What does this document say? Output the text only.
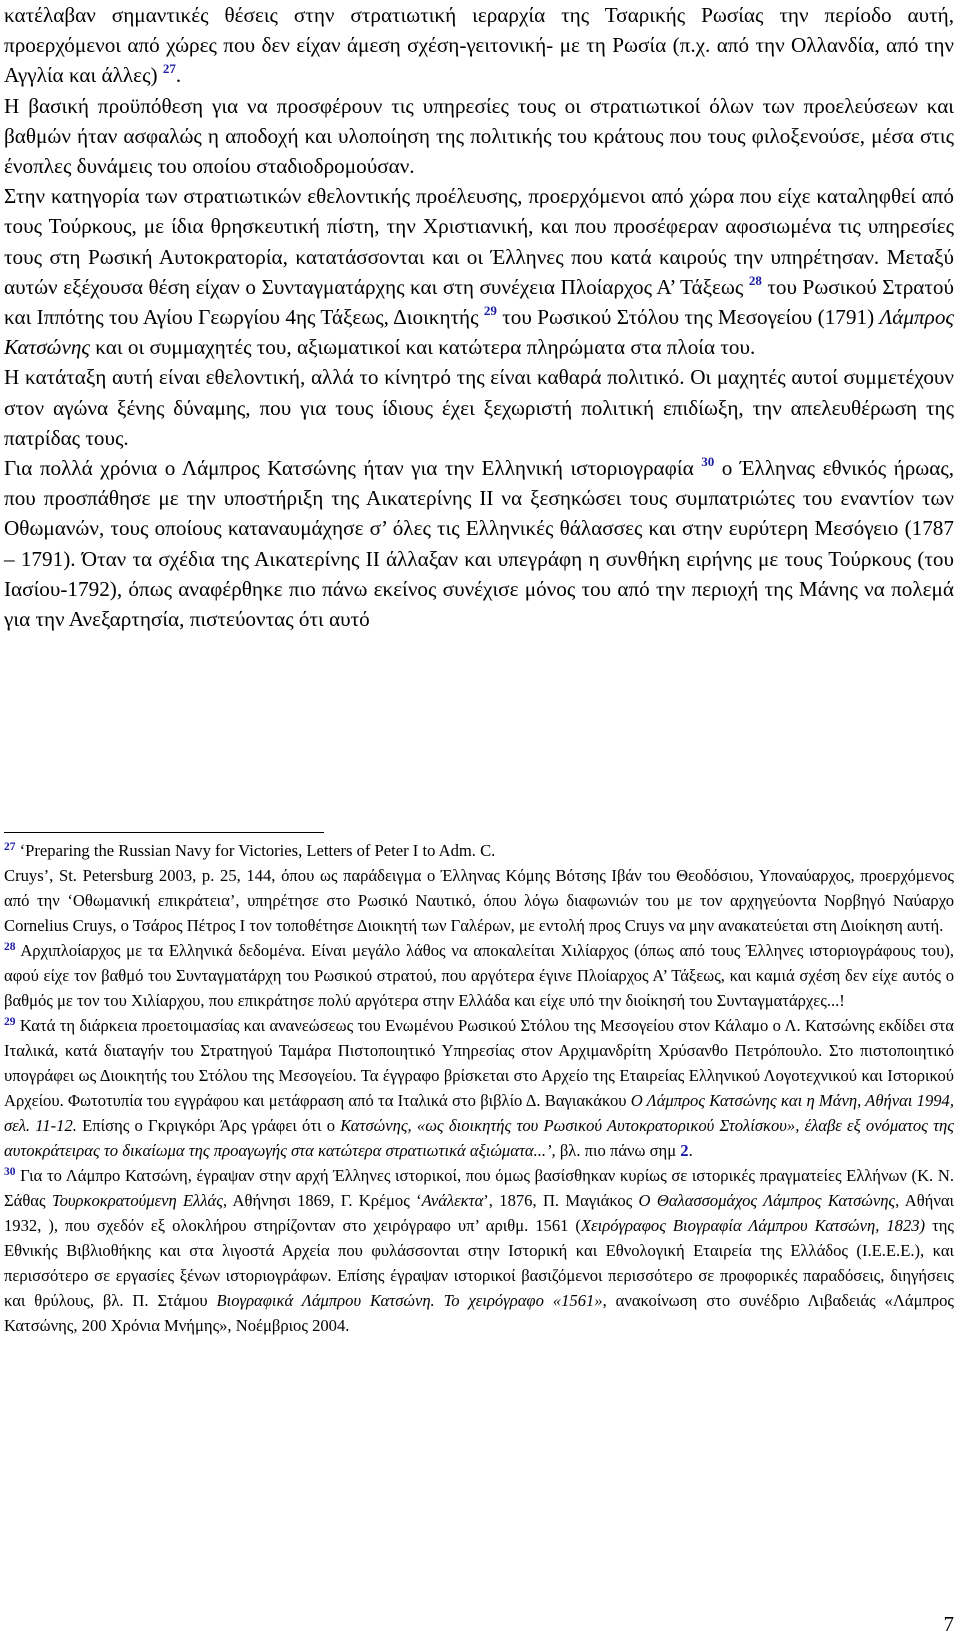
κατέλαβαν σημαντικές θέσεις στην στρατιωτική ιεραρχία της Τσαρικής Ρωσίας την περίοδο αυτή, προερχόμενοι από χώρες που δεν είχαν άμεση σχέση-γειτονική- με τη Ρωσία (π.χ. από την Ολλανδία, από την Αγγλία και άλλες) $^{27}$.

Η βασική προϋπόθεση για να προσφέρουν τις υπηρεσίες τους οι στρατιωτικοί όλων των προελεύσεων και βαθμών ήταν ασφαλώς η αποδοχή και υλοποίηση της πολιτικής του κράτους που τους φιλοξενούσε, μέσα στις ένοπλες δυνάμεις του οποίου σταδιοδρομούσαν.

Στην κατηγορία των στρατιωτικών εθελοντικής προέλευσης, προερχόμενοι από χώρα που είχε καταληφθεί από τους Τούρκους, με ίδια θρησκευτική πίστη, την Χριστιανική, και που προσέφεραν αφοσιωμένα τις υπηρεσίες τους στη Ρωσική Αυτοκρατορία, κατατάσσονται και οι Έλληνες που κατά καιρούς την υπηρέτησαν. Μεταξύ αυτών εξέχουσα θέση είχαν ο Συνταγματάρχης και στη συνέχεια Πλοίαρχος Α’ Τάξεως $^{28}$ του Ρωσικού Στρατού και Ιππότης του Αγίου Γεωργίου 4ης Τάξεως, Διοικητής $^{29}$ του Ρωσικού Στόλου της Μεσογείου (1791) Λάμπρος Κατσώνης και οι συμμαχητές του, αξιωματικοί και κατώτερα πληρώματα στα πλοία του.

Η κατάταξη αυτή είναι εθελοντική, αλλά το κίνητρό της είναι καθαρά πολιτικό. Οι μαχητές αυτοί συμμετέχουν στον αγώνα ξένης δύναμης, που για τους ίδιους έχει ξεχωριστή πολιτική επιδίωξη, την απελευθέρωση της πατρίδας τους.

Για πολλά χρόνια ο Λάμπρος Κατσώνης ήταν για την Ελληνική ιστοριογραφία $^{30}$ ο Έλληνας εθνικός ήρωας, που προσπάθησε με την υποστήριξη της Αικατερίνης ΙΙ να ξεσηκώσει τους συμπατριώτες του εναντίον των Οθωμανών, τους οποίους καταναυμάχησε σ’ όλες τις Ελληνικές θάλασσες και στην ευρύτερη Μεσόγειο (1787 – 1791). Όταν τα σχέδια της Αικατερίνης ΙΙ άλλαξαν και υπεγράφη η συνθήκη ειρήνης με τους Τούρκους (του Ιασίου-1792), όπως αναφέρθηκε πιο πάνω εκείνος συνέχισε μόνος του από την περιοχή της Μάνης να πολεμά για την Ανεξαρτησία, πιστεύοντας ότι αυτό

$^{27}$ ‘Preparing the Russian Navy for Victories, Letters of Peter I to Adm. C.
Cruys’, St. Petersburg 2003, p. 25, 144, όπου ως παράδειγμα ο Έλληνας Κόμης Βότσης Ιβάν του Θεοδόσιου, Υποναύαρχος, προερχόμενος από την ‘Οθωμανική επικράτεια’, υπηρέτησε στο Ρωσικό Ναυτικό, όπου λόγω διαφωνιών του με τον αρχηγεύοντα Νορβηγό Ναύαρχο Cornelius Cruys, ο Τσάρος Πέτρος Ι τον τοποθέτησε Διοικητή των Γαλέρων, με εντολή προς Cruys να μην ανακατεύεται στη Διοίκηση αυτή.

$^{28}$ Αρχιπλοίαρχος με τα Ελληνικά δεδομένα. Είναι μεγάλο λάθος να αποκαλείται Χιλίαρχος (όπως από τους Έλληνες ιστοριογράφους του), αφού είχε τον βαθμό του Συνταγματάρχη του Ρωσικού στρατού, που αργότερα έγινε Πλοίαρχος Α’ Τάξεως, και καμιά σχέση δεν είχε αυτός ο βαθμός με τον του Χιλίαρχου, που επικράτησε πολύ αργότερα στην Ελλάδα και είχε υπό την διοίκησή του Συνταγματάρχες...!

$^{29}$ Κατά τη διάρκεια προετοιμασίας και ανανεώσεως του Ενωμένου Ρωσικού Στόλου της Μεσογείου στον Κάλαμο ο Λ. Κατσώνης εκδίδει στα Ιταλικά, κατά διαταγήν του Στρατηγού Ταμάρα Πιστοποιητικό Υπηρεσίας στον Αρχιμανδρίτη Χρύσανθο Πετρόπουλο. Στο πιστοποιητικό υπογράφει ως Διοικητής του Στόλου της Μεσογείου. Τα έγγραφο βρίσκεται στο Αρχείο της Εταιρείας Ελληνικού Λογοτεχνικού και Ιστορικού Αρχείου. Φωτοτυπία του εγγράφου και μετάφραση από τα Ιταλικά στο βιβλίο Δ. Βαγιακάκου Ο Λάμπρος Κατσώνης και η Μάνη, Αθήναι 1994, σελ. 11-12. Επίσης ο Γκριγκόρι Άρς γράφει ότι ο Κατσώνης, «ως διοικητής του Ρωσικού Αυτοκρατορικού Στολίσκου», έλαβε εξ ονόματος της αυτοκράτειρας το δικαίωμα της προαγωγής στα κατώτερα στρατιωτικά αξιώματα...’, βλ. πιο πάνω σημ 2.

$^{30}$ Για το Λάμπρο Κατσώνη, έγραψαν στην αρχή Έλληνες ιστορικοί, που όμως βασίσθηκαν κυρίως σε ιστορικές πραγματείες Ελλήνων (Κ. Ν. Σάθας Τουρκοκρατούμενη Ελλάς, Αθήνησι 1869, Γ. Κρέμος ‘Ανάλεκτα’, 1876, Π. Μαγιάκος Ο Θαλασσομάχος Λάμπρος Κατσώνης, Αθήναι 1932, ), που σχεδόν εξ ολοκλήρου στηρίζονταν στο χειρόγραφο υπ’ αριθμ. 1561 (Χειρόγραφος Βιογραφία Λάμπρου Κατσώνη, 1823) της Εθνικής Βιβλιοθήκης και στα λιγοστά Αρχεία που φυλάσσονται στην Ιστορική και Εθνολογική Εταιρεία της Ελλάδος (Ι.Ε.Ε.Ε.), και περισσότερο σε εργασίες ξένων ιστοριογράφων. Επίσης έγραψαν ιστορικοί βασιζόμενοι περισσότερο σε προφορικές παραδόσεις, διηγήσεις και θρύλους, βλ. Π. Στάμου Βιογραφικά Λάμπρου Κατσώνη. Το χειρόγραφο «1561», ανακοίνωση στο συνέδριο Λιβαδειάς «Λάμπρος Κατσώνης, 200 Χρόνια Μνήμης», Νοέμβριος 2004.

7
